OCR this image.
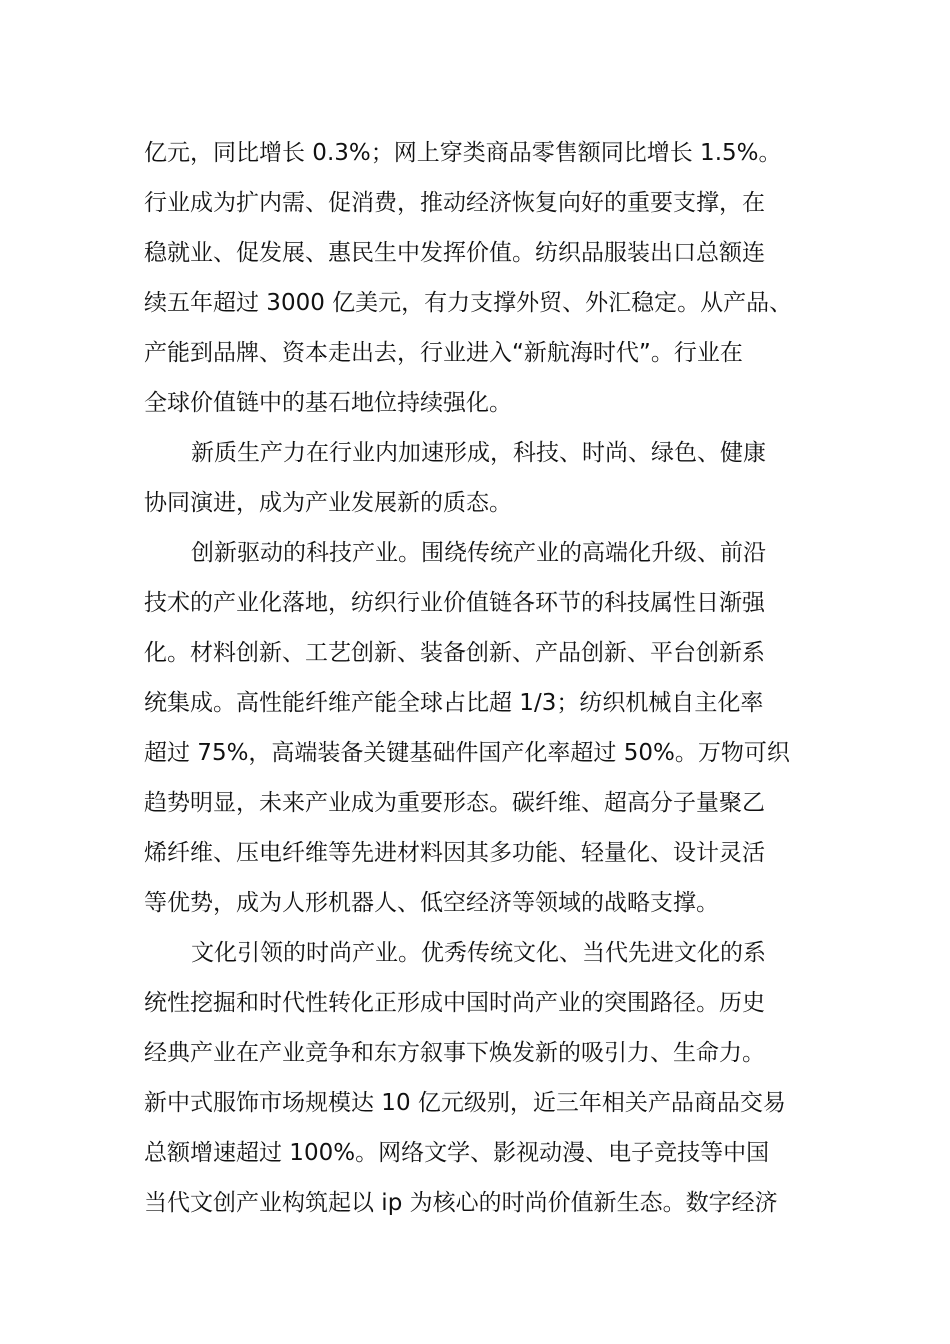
亿元，同比增长 0.3%；网上穿类商品零售额同比增长 1.5%。
行业成为扩内需、促消费，推动经济恢复向好的重要支撑，在
稳就业、促发展、惠民生中发挥价值。纺织品服装出口总额连
续五年超过 3000 亿美元，有力支撑外贸、外汇稳定。从产品、
产能到品牌、资本走出去，行业进入“新航海时代”。行业在
全球价值链中的基石地位持续强化。
新质生产力在行业内加速形成，科技、时尚、绿色、健康
协同演进，成为产业发展新的质态。
创新驱动的科技产业。围绕传统产业的高端化升级、前沿
技术的产业化落地，纺织行业价值链各环节的科技属性日渐强
化。材料创新、工艺创新、装备创新、产品创新、平台创新系
统集成。高性能纤维产能全球占比超 1/3；纺织机械自主化率
超过 75%，高端装备关键基础件国产化率超过 50%。万物可织
趋势明显，未来产业成为重要形态。碳纤维、超高分子量聚乙
烯纤维、压电纤维等先进材料因其多功能、轻量化、设计灵活
等优势，成为人形机器人、低空经济等领域的战略支撑。
文化引领的时尚产业。优秀传统文化、当代先进文化的系
统性挖掘和时代性转化正形成中国时尚产业的突围路径。历史
经典产业在产业竞争和东方叙事下焕发新的吸引力、生命力。
新中式服饰市场规模达 10 亿元级别，近三年相关产品商品交易
总额增速超过 100%。网络文学、影视动漫、电子竞技等中国
当代文创产业构筑起以 ip 为核心的时尚价值新生态。数字经济
